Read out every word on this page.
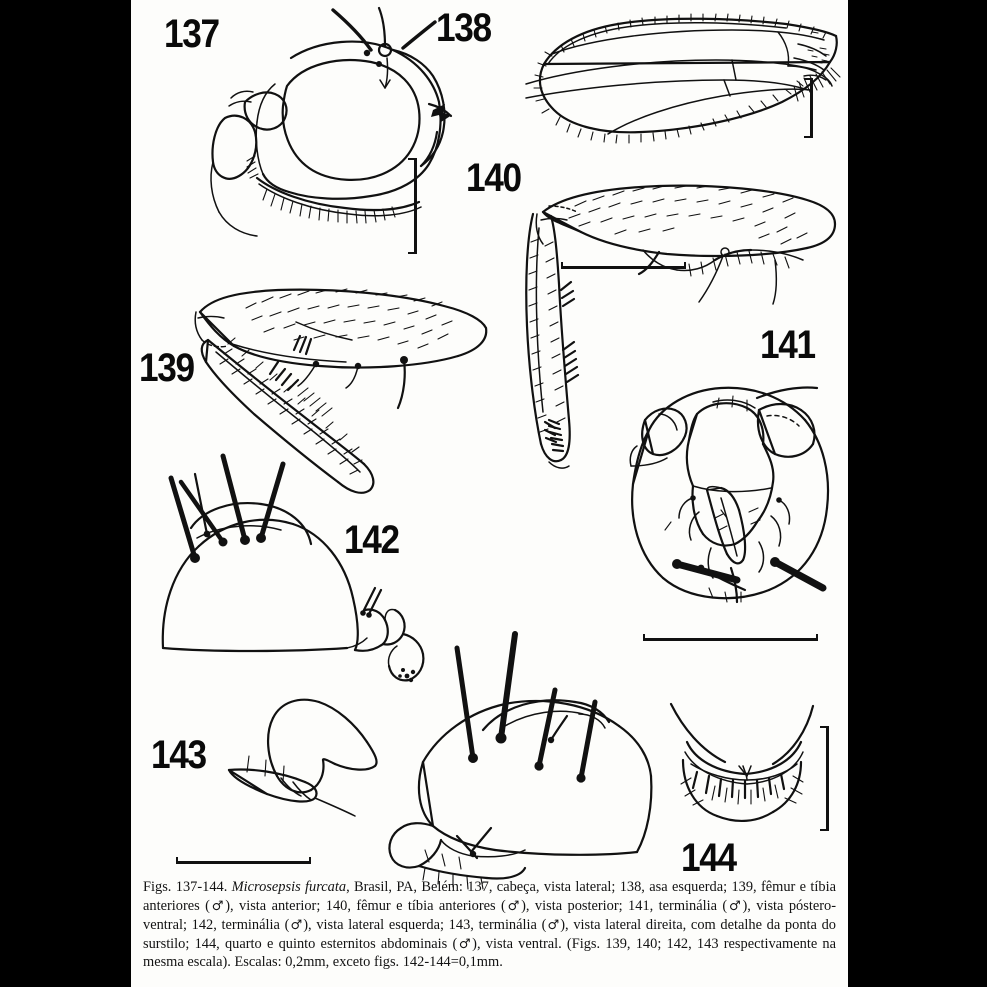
137	138
139
140
141
142
143
144
Figs. 137-144. Microsepsis furcata, Brasil, PA, Belém: 137, cabeça, vista lateral; 138, asa esquerda; 139, fêmur e tíbia anteriores (♂), vista anterior; 140, fêmur e tíbia anteriores (♂), vista posterior; 141, terminália (♂), vista póstero-ventral; 142, terminália (♂), vista lateral esquerda; 143, terminália (♂), vista lateral direita, com detalhe da ponta do surstilo; 144, quarto e quinto esternitos abdominais (♂), vista ventral. (Figs. 139, 140; 142, 143 respectivamente na mesma escala). Escalas: 0,2mm, exceto figs. 142-144=0,1mm.
